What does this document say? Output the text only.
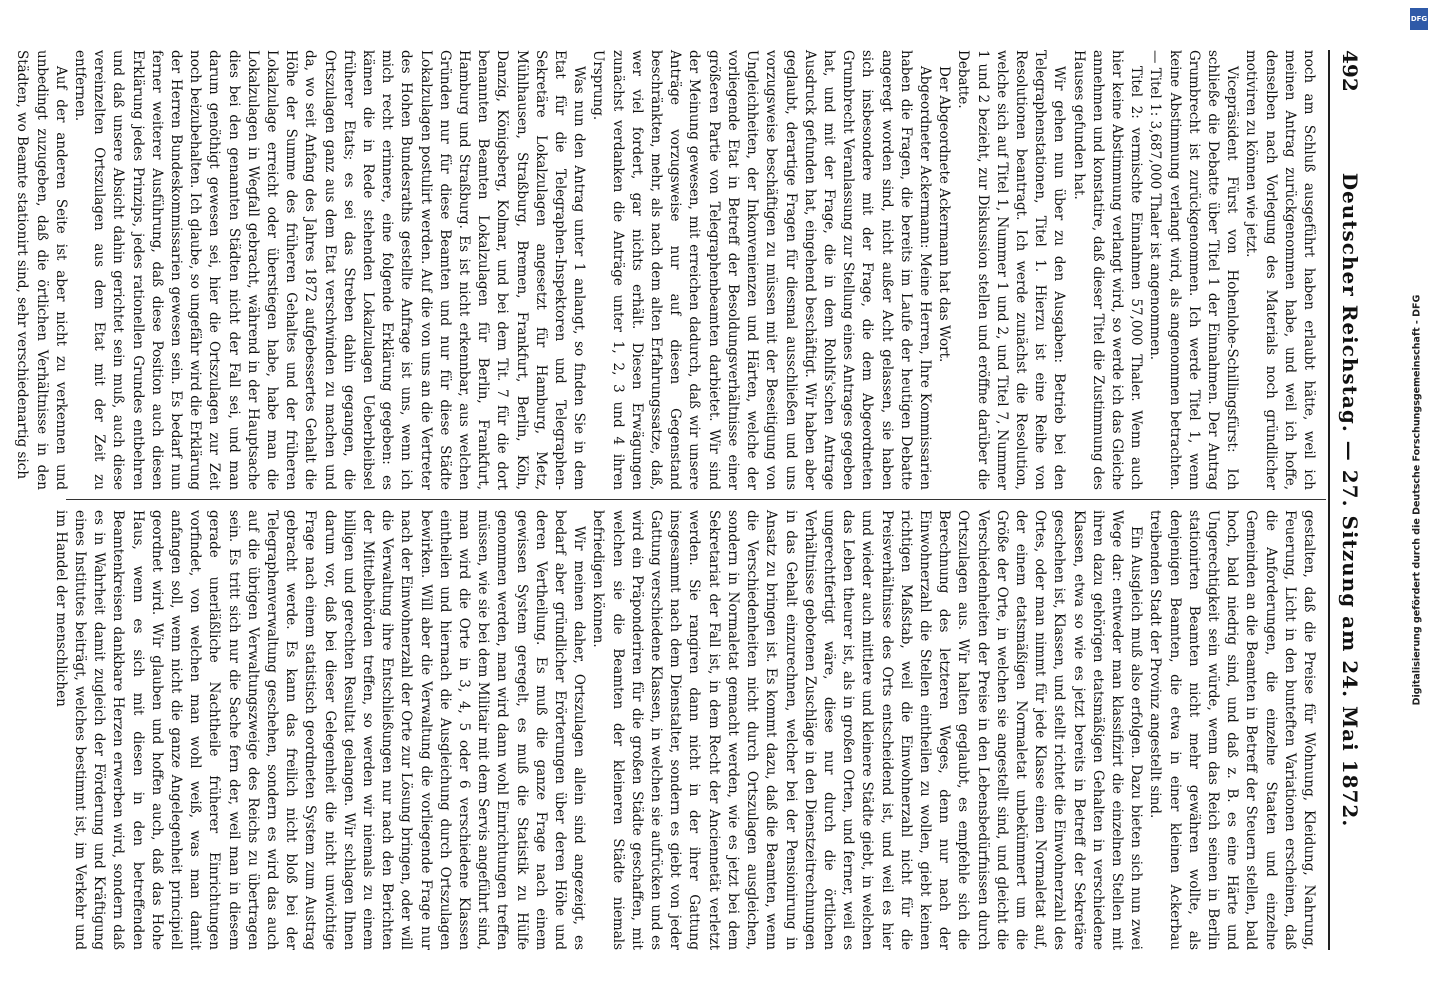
492
Deutscher Reichstag. — 27. Sitzung am 24. Mai 1872.

noch am Schluß ausgeführt haben erlaubt hätte, weil ich meinen Antrag zurückgenommen habe, und weil ich hoffe, denselben nach Vorlegung des Materials noch gründlicher motiviren zu können wie jetzt.

Vicepräsident Fürst von Hohenlohe-Schillingsfürst: Ich schließe die Debatte über Titel 1 der Einnahmen. Der Antrag Grumbrecht ist zurückgenommen. Ich werde Titel 1, wenn keine Abstimmung verlangt wird, als angenommen betrachten. — Titel 1: 3,687,000 Thaler ist angenommen.

Titel 2: vermischte Einnahmen 57,000 Thaler. Wenn auch hier keine Abstimmung verlangt wird, so werde ich das Gleiche annehmen und konstatire, daß dieser Titel die Zustimmung des Hauses gefunden hat.

Wir gehen nun über zu den Ausgaben: Betrieb bei den Telegraphenstationen, Titel 1. Hierzu ist eine Reihe von Resolutionen beantragt. Ich werde zunächst die Resolution, welche sich auf Titel 1, Nummer 1 und 2, und Titel 7, Nummer 1 und 2 bezieht, zur Diskussion stellen und eröffne darüber die Debatte.

Der Abgeordnete Ackermann hat das Wort.

Abgeordneter Ackermann: Meine Herren, Ihre Kommissarien haben die Fragen, die bereits im Laufe der heutigen Debatte angeregt worden sind, nicht außer Acht gelassen, sie haben sich insbesondere mit der Frage, die dem Abgeordneten Grumbrecht Veranlassung zur Stellung eines Antrages gegeben hat, und mit der Frage, die in dem Rohlfs'schen Antrage Ausdruck gefunden hat, eingehend beschäftigt. Wir haben aber geglaubt, derartige Fragen für diesmal ausschließen und uns vorzugsweise beschäftigen zu müssen mit der Beseitigung von Ungleichheiten, der Inkonvenienzen und Härten, welche der vorliegende Etat in Betreff der Besoldungsverhältnisse einer größeren Partie von Telegraphenbeamten darbietet. Wir sind der Meinung gewesen, mit erreichen dadurch, daß wir unsere Anträge vorzugsweise nur auf diesen Gegenstand beschränkten, mehr, als nach dem alten Erfahrungssatze, daß, wer viel fordert, gar nichts erhält. Diesen Erwägungen zunächst verdanken die Anträge unter 1, 2, 3 und 4 ihren Ursprung.

Was nun den Antrag unter 1 anlangt, so finden Sie in dem Etat für die Telegraphen-Inspektoren und Telegraphen-Sekretäre Lokalzulagen angesetzt für Hamburg, Metz, Mühlhausen, Straßburg, Bremen, Frankfurt, Berlin, Köln, Danzig, Königsberg, Kolmar, und bei dem Tit. 7 für die dort benannten Beamten Lokalzulagen für Berlin, Frankfurt, Hamburg und Straßburg. Es ist nicht erkennbar, aus welchen Gründen nur für diese Beamten und nur für diese Städte Lokalzulagen postulirt werden. Auf die von uns an die Vertreter des Hohen Bundesraths gestellte Anfrage ist uns, wenn ich mich recht erinnere, eine folgende Erklärung gegeben: es kämen die in Rede stehenden Lokalzulagen Ueberbleibsel früherer Etats; es sei das Streben dahin gegangen, die Ortszulagen ganz aus dem Etat verschwinden zu machen und da, wo seit Anfang des Jahres 1872 aufgebessertes Gehalt die Höhe der Summe des früheren Gehaltes und der früheren Lokalzulage erreicht oder überstiegen habe, habe man die Lokalzulagen in Wegfall gebracht, während in der Hauptsache dies bei den genannten Städten nicht der Fall sei, und man darum genöthigt gewesen sei, hier die Ortszulagen zur Zeit noch beizubehalten. Ich glaube, so ungefähr wird die Erklärung der Herren Bundeskommissarien gewesen sein. Es bedarf nun ferner weiterer Ausführung, daß diese Position auch diesen Erklärung jedes Prinzips, jedes rationellen Grundes entbehren und daß unsere Absicht dahin gerichtet sein muß, auch diese vereinzelten Ortszulagen aus dem Etat mit der Zeit zu entfernen.

Auf der anderen Seite ist aber nicht zu verkennen und unbedingt zuzugeben, daß die örtlichen Verhältnisse in den Städten, wo Beamte stationirt sind, sehr verschiedenartig sich

gestalten, daß die Preise für Wohnung, Kleidung, Nahrung, Feuerung, Licht in den bunteften Variationen erscheinen, daß die Anforderungen, die einzelne Staaten und einzelne Gemeinden an die Beamten in Betreff der Steuern stellen, bald hoch, bald niedrig sind, und daß z. B. es eine Härte und Ungerechtigkeit sein würde, wenn das Reich seinen in Berlin stationirten Beamten nicht mehr gewähren wollte, als denjenigen Beamten, die etwa in einer kleinen Ackerbau treibenden Stadt der Provinz angestellt sind.

Ein Ausgleich muß also erfolgen. Dazu bieten sich nun zwei Wege dar: entweder man klassifizirt die einzelnen Stellen mit ihren dazu gehörigen etatsmäßigen Gehalten in verschiedene Klassen, etwa so wie es jetzt bereits in Betreff der Sekretäre geschehen ist, Klassen, und stellt richtet die Einwohnerzahl des Ortes, oder man nimmt für jede Klasse einen Normaletat auf, der einem etatsmäßigen Normaletat unbekümmert um die Größe der Orte, in welchen sie angestellt sind, und gleicht die Verschiedenheiten der Preise in den Lebensbedürfnissen durch Ortszulagen aus. Wir halten geglaubt, es empfehle sich die Berechnung des letzteren Weges, denn nur nach der Einwohnerzahl die Stellen eintheilen zu wollen, giebt keinen richtigen Maßstab, weil die Einwohnerzahl nicht für die Preisverhältnisse des Orts entscheidend ist, und weil es hier und wieder auch mittlere und kleinere Städte giebt, in welchen das Leben theurer ist, als in großen Orten, und ferner, weil es ungerechtfertigt wäre, diese nur durch die örtlichen Verhältnisse gebotenen Zuschläge in den Dienstzeitrechnungen in das Gehalt einzurechnen, welcher bei der Pensionirung in Ansatz zu bringen ist. Es kommt dazu, daß die Beamten, wenn die Verschiedenheiten nicht durch Ortszulagen ausgleichen, sondern in Normaletat gemacht werden, wie es jetzt bei dem Sekretariat der Fall ist, in dem Recht der Anciennetät verletzt werden. Sie rangiren dann nicht in der ihrer Gattung insgesammt nach dem Dienstalter, sondern es giebt von jeder Gattung verschiedene Klassen, in welchen sie aufrücken und es wird ein Präponderiren für die großen Städte geschaffen, mit welchen sie die Beamten der kleineren Städte niemals befriedigen können.

Wir meinen daher, Ortszulagen allein sind angezeigt, es bedarf aber gründlicher Erörterungen über deren Höhe und deren Vertheilung. Es muß die ganze Frage nach einem gewissen System geregelt, es muß die Statistik zu Hülfe genommen werden, man wird dann wohl Einrichtungen treffen müssen, wie sie bei dem Militair mit dem Servis angeführt sind, man wird die Orte in 3, 4, 5 oder 6 verschiedene Klassen eintheilen und hiernach die Ausgleichung durch Ortszulagen bewirken. Will aber die Verwaltung die vorliegende Frage nur nach der Einwohnerzahl der Orte zur Lösung bringen, oder will die Verwaltung ihre Entschließungen nur nach den Berichten der Mittelbehörden treffen, so werden wir niemals zu einem billigen und gerechten Resultat gelangen. Wir schlagen Ihnen darum vor, daß bei dieser Gelegenheit die nicht unwichtige Frage nach einem statistisch geordneten System zum Austrag gebracht werde. Es kann das freilich nicht bloß bei der Telegraphenverwaltung geschehen, sondern es wird das auch auf die übrigen Verwaltungszweige des Reichs zu übertragen sein. Es tritt sich nur die Sache fern der, weil man in diesem gerade unerläßliche Nachtheile früherer Einrichtungen vorfindet, von welchen man wohl weiß, was man damit anfangen soll, wenn nicht die ganze Angelegenheit principiell geordnet wird. Wir glauben und hoffen auch, daß das Hohe Haus, wenn es sich mit diesen in den betreffenden Beamtenkreisen dankbare Herzen erwerben wird, sondern daß es in Wahrheit damit zugleich der Förderung und Kräftigung eines Institutes beiträgt, welches bestimmt ist, im Verkehr und im Handel der menschlichen	Digitalisierung gefördert durch die Deutsche Forschungsgemeinschaft - DFG
DFG
